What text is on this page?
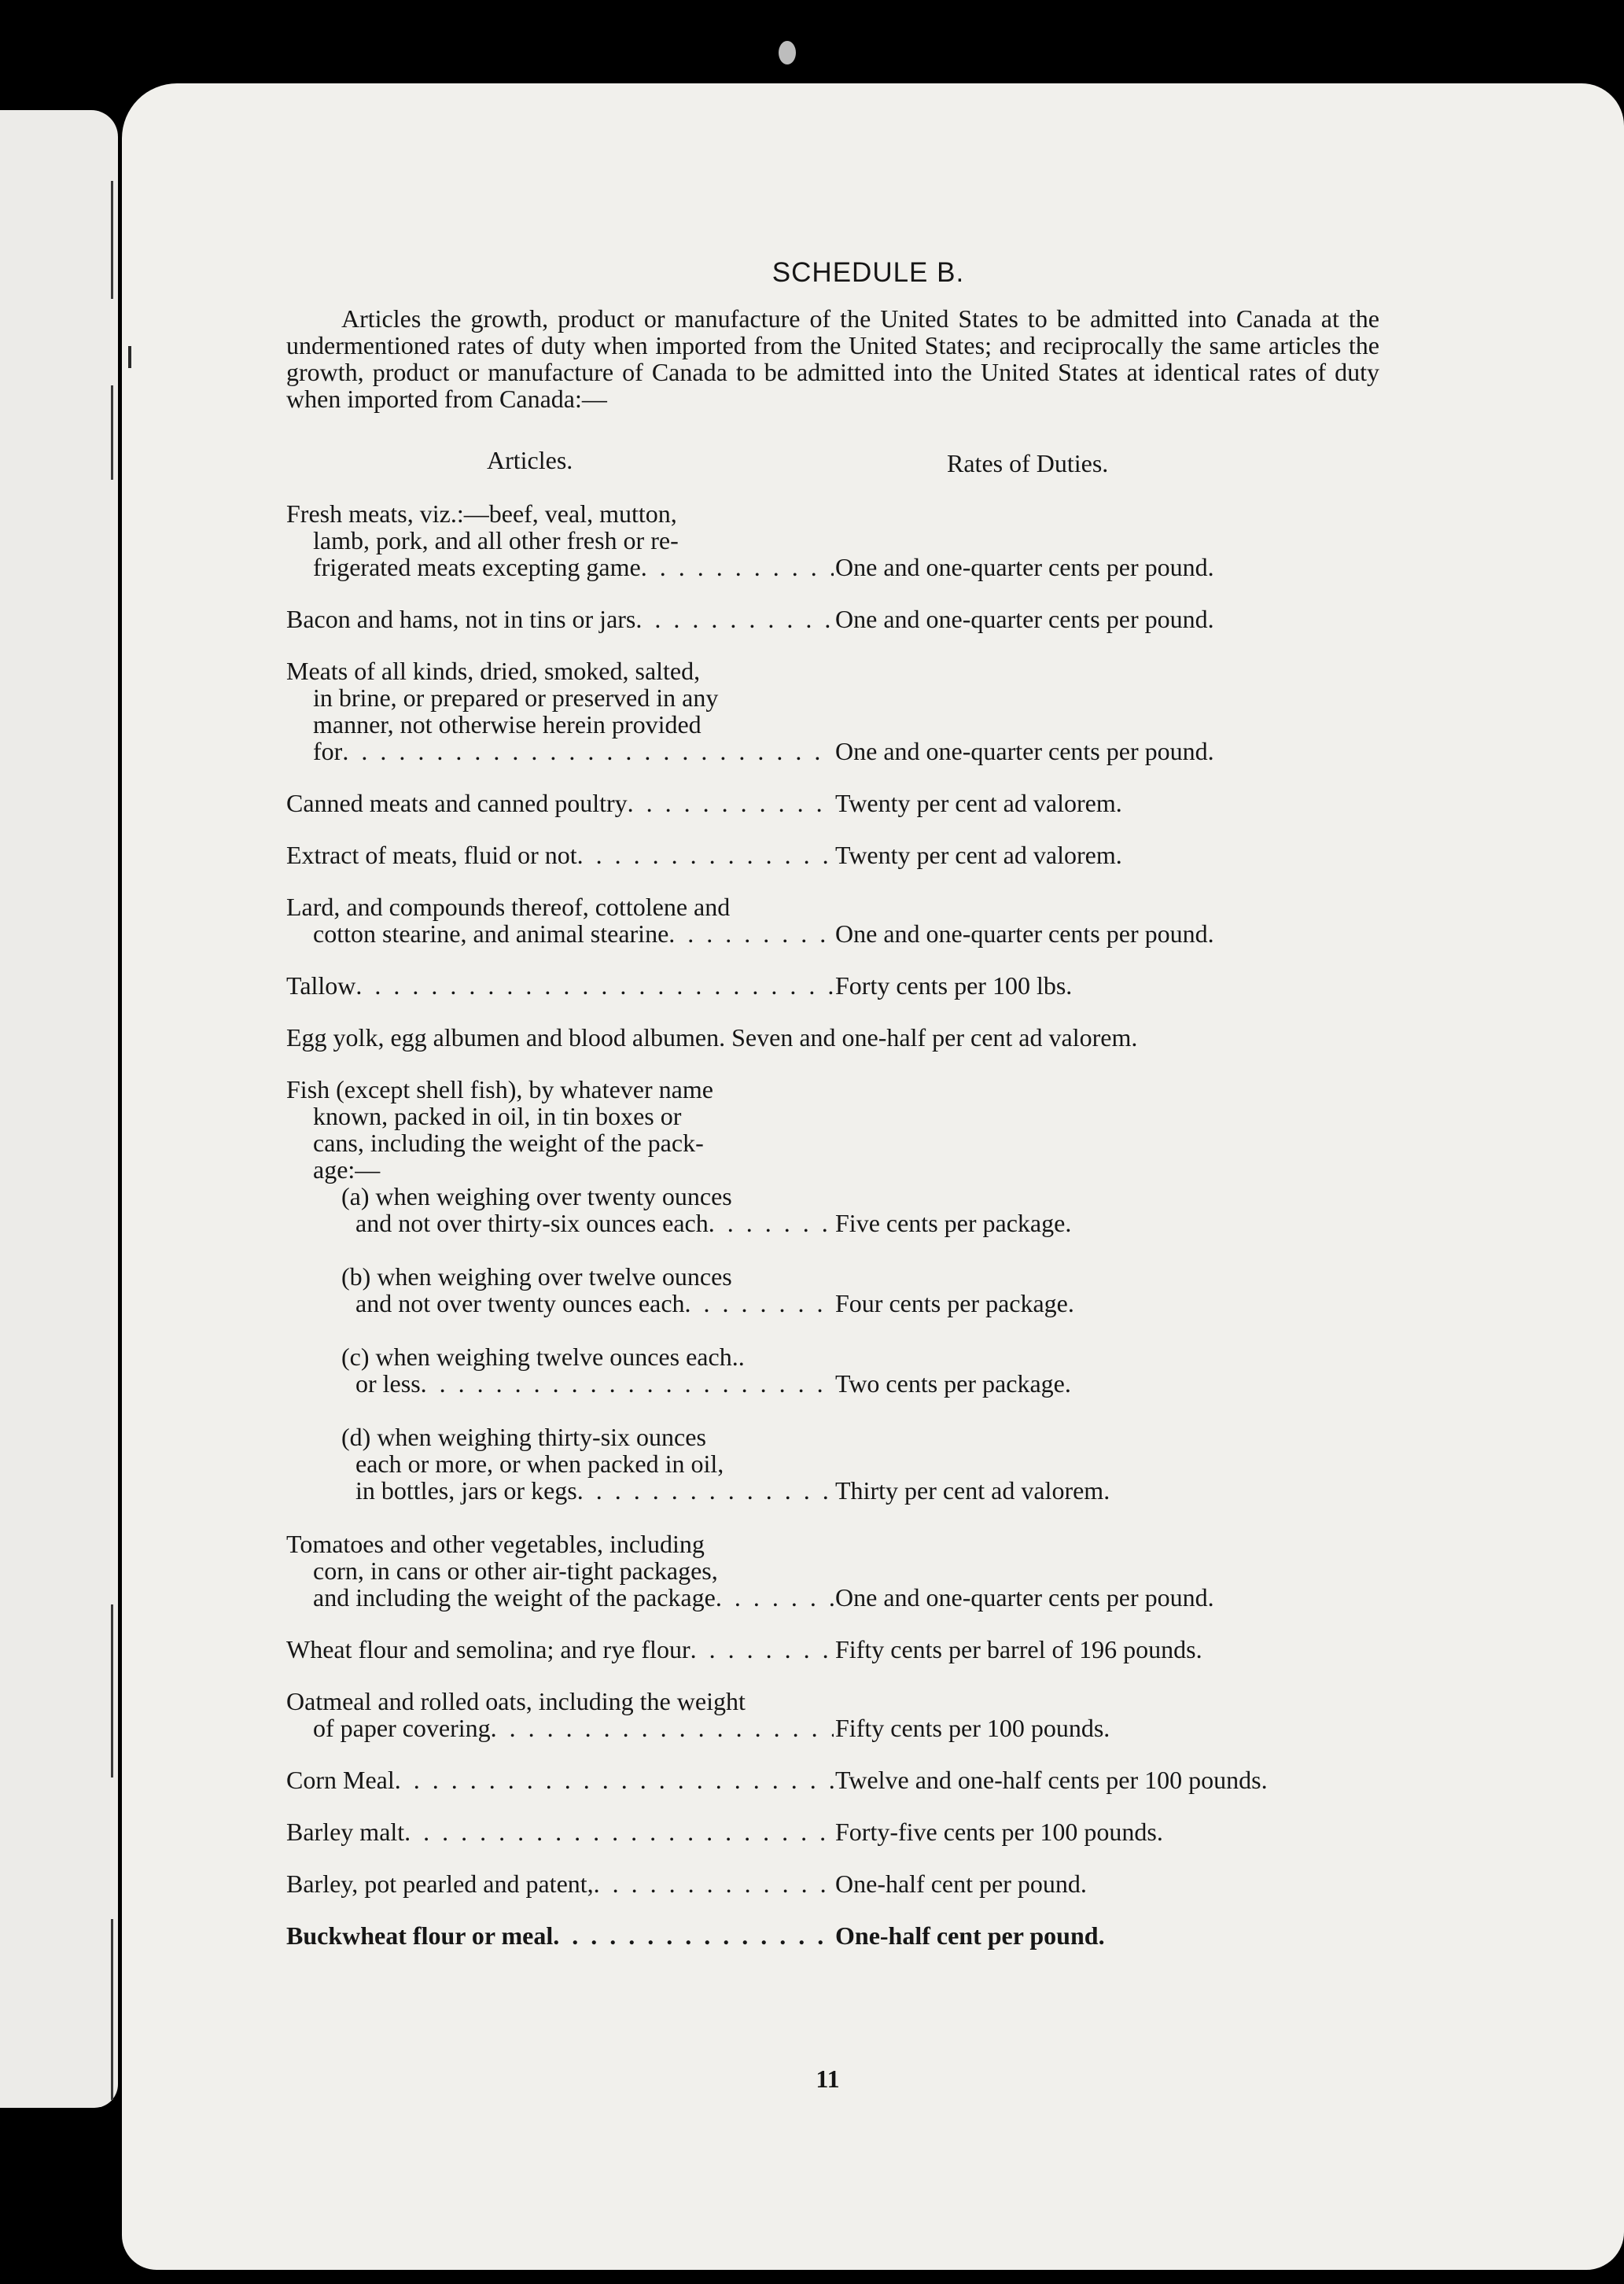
SCHEDULE B.

Articles the growth, product or manufacture of the United States to be admitted into Canada at the undermentioned rates of duty when imported from the United States; and reciprocally the same articles the growth, product or manufacture of Canada to be admitted into the United States at identical rates of duty when imported from Canada:—

Articles.	Rates of Duties.
Fresh meats, viz.:—beef, veal, mutton,
lamb, pork, and all other fresh or re-
frigerated meats excepting game . . .	One and one-quarter cents per pound.
Bacon and hams, not in tins or jars . . .	One and one-quarter cents per pound.
Meats of all kinds, dried, smoked, salted,
in brine, or prepared or preserved in any
manner, not otherwise herein provided
for . . .	One and one-quarter cents per pound.
Canned meats and canned poultry . . .	Twenty per cent ad valorem.
Extract of meats, fluid or not . . .	Twenty per cent ad valorem.
Lard, and compounds thereof, cottolene and
cotton stearine, and animal stearine . . .	One and one-quarter cents per pound.
Tallow . . .	Forty cents per 100 lbs.
Egg yolk, egg albumen and blood albumen. Seven and one-half per cent ad valorem.
Fish (except shell fish), by whatever name
known, packed in oil, in tin boxes or
cans, including the weight of the pack-
age:—
(a) when weighing over twenty ounces
and not over thirty-six ounces each . . .	Five cents per package.
(b) when weighing over twelve ounces
and not over twenty ounces each . . .	Four cents per package.
(c) when weighing twelve ounces each..
or less . . .	Two cents per package.
(d) when weighing thirty-six ounces
each or more, or when packed in oil,
in bottles, jars or kegs . . .	Thirty per cent ad valorem.
Tomatoes and other vegetables, including
corn, in cans or other air-tight packages,
and including the weight of the package . . .	One and one-quarter cents per pound.
Wheat flour and semolina; and rye flour . . .	Fifty cents per barrel of 196 pounds.
Oatmeal and rolled oats, including the weight
of paper covering . . .	Fifty cents per 100 pounds.
Corn Meal . . .	Twelve and one-half cents per 100 pounds.
Barley malt . . .	Forty-five cents per 100 pounds.
Barley, pot pearled and patent, . . .	One-half cent per pound.
Buckwheat flour or meal . . .	One-half cent per pound.
11
